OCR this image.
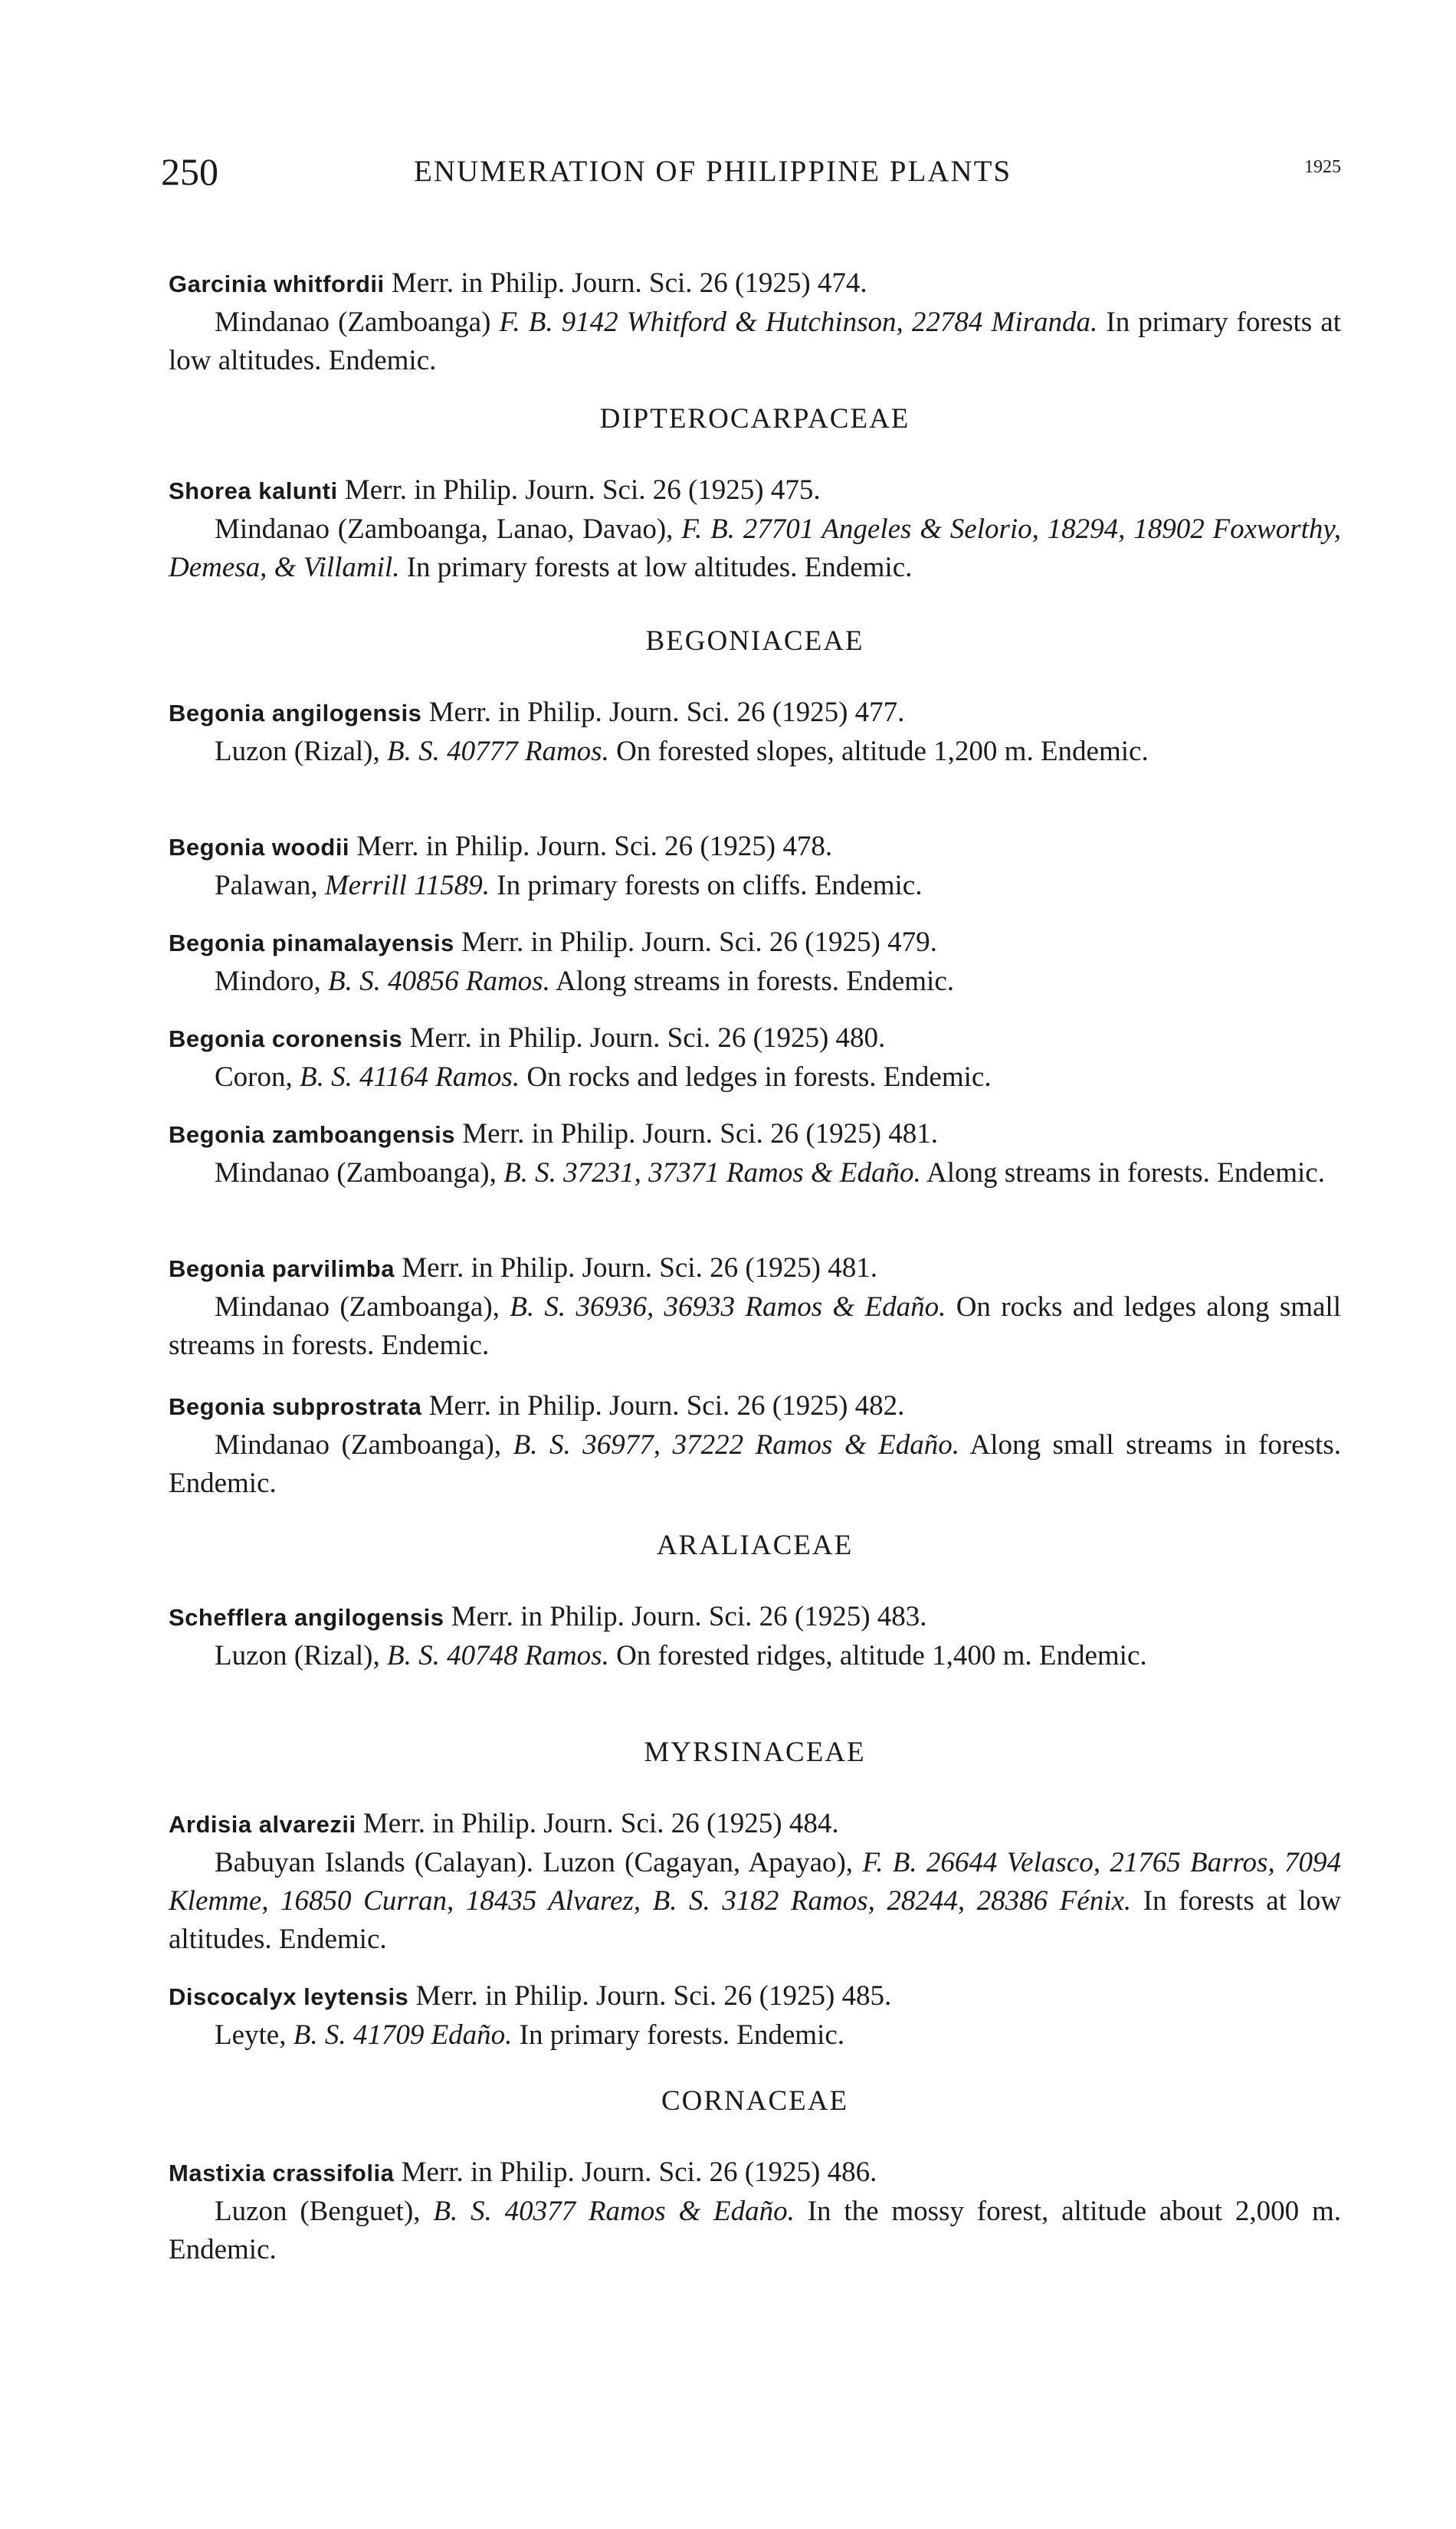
250	ENUMERATION OF PHILIPPINE PLANTS	1925
Garcinia whitfordii Merr. in Philip. Journ. Sci. 26 (1925) 474.
Mindanao (Zamboanga) F. B. 9142 Whitford & Hutchinson, 22784 Miranda. In primary forests at low altitudes. Endemic.
DIPTEROCARPACEAE
Shorea kalunti Merr. in Philip. Journ. Sci. 26 (1925) 475.
Mindanao (Zamboanga, Lanao, Davao), F. B. 27701 Angeles & Selorio, 18294, 18902 Foxworthy, Demesa, & Villamil. In primary forests at low altitudes. Endemic.
BEGONIACEAE
Begonia angilogensis Merr. in Philip. Journ. Sci. 26 (1925) 477.
Luzon (Rizal), B. S. 40777 Ramos. On forested slopes, altitude 1,200 m. Endemic.
Begonia woodii Merr. in Philip. Journ. Sci. 26 (1925) 478.
Palawan, Merrill 11589. In primary forests on cliffs. Endemic.
Begonia pinamalayensis Merr. in Philip. Journ. Sci. 26 (1925) 479.
Mindoro, B. S. 40856 Ramos. Along streams in forests. Endemic.
Begonia coronensis Merr. in Philip. Journ. Sci. 26 (1925) 480.
Coron, B. S. 41164 Ramos. On rocks and ledges in forests. Endemic.
Begonia zamboangensis Merr. in Philip. Journ. Sci. 26 (1925) 481.
Mindanao (Zamboanga), B. S. 37231, 37371 Ramos & Edaño. Along streams in forests. Endemic.
Begonia parvilimba Merr. in Philip. Journ. Sci. 26 (1925) 481.
Mindanao (Zamboanga), B. S. 36936, 36933 Ramos & Edaño. On rocks and ledges along small streams in forests. Endemic.
Begonia subprostrata Merr. in Philip. Journ. Sci. 26 (1925) 482.
Mindanao (Zamboanga), B. S. 36977, 37222 Ramos & Edaño. Along small streams in forests. Endemic.
ARALIACEAE
Schefflera angilogensis Merr. in Philip. Journ. Sci. 26 (1925) 483.
Luzon (Rizal), B. S. 40748 Ramos. On forested ridges, altitude 1,400 m. Endemic.
MYRSINACEAE
Ardisia alvarezii Merr. in Philip. Journ. Sci. 26 (1925) 484.
Babuyan Islands (Calayan). Luzon (Cagayan, Apayao), F. B. 26644 Velasco, 21765 Barros, 7094 Klemme, 16850 Curran, 18435 Alvarez, B. S. 3182 Ramos, 28244, 28386 Fénix. In forests at low altitudes. Endemic.
Discocalyx leytensis Merr. in Philip. Journ. Sci. 26 (1925) 485.
Leyte, B. S. 41709 Edaño. In primary forests. Endemic.
CORNACEAE
Mastixia crassifolia Merr. in Philip. Journ. Sci. 26 (1925) 486.
Luzon (Benguet), B. S. 40377 Ramos & Edaño. In the mossy forest, altitude about 2,000 m. Endemic.
